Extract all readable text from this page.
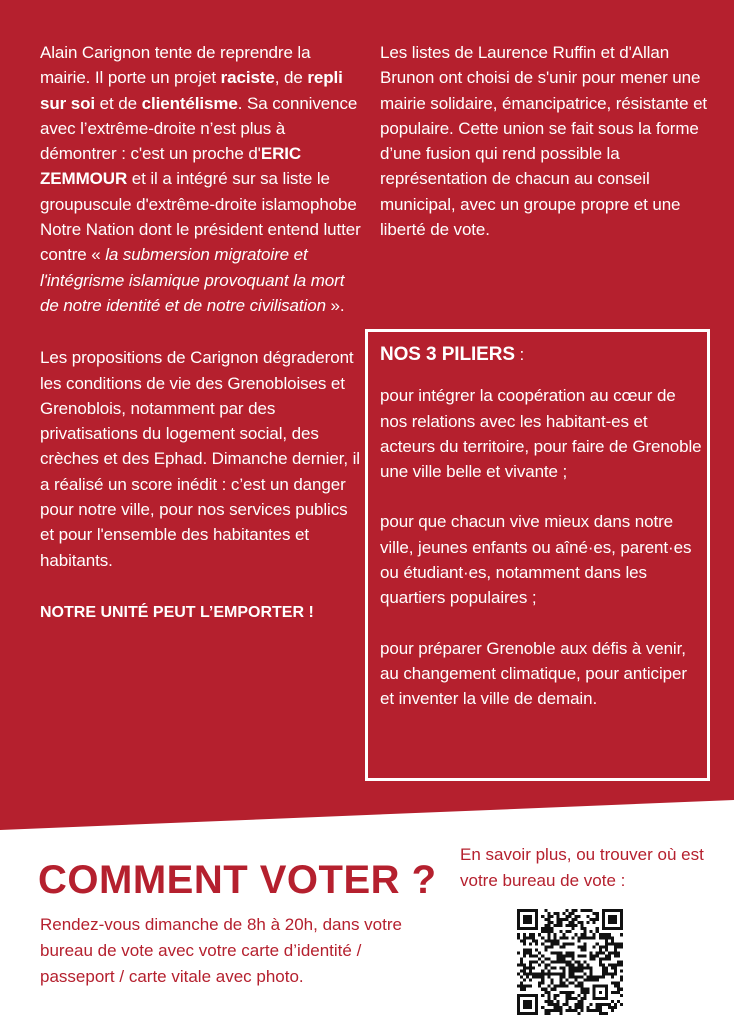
Alain Carignon tente de reprendre la mairie. Il porte un projet raciste, de repli sur soi et de clientélisme. Sa connivence avec l’extrême-droite n’est plus à démontrer : c'est un proche d'ERIC ZEMMOUR et il a intégré sur sa liste le groupuscule d'extrême-droite islamophobe Notre Nation dont le président entend lutter contre « la submersion migratoire et l'intégrisme islamique provoquant la mort de notre identité et de notre civilisation ».

Les propositions de Carignon dégraderont les conditions de vie des Grenobloises et Grenoblois, notamment par des privatisations du logement social, des crèches et des Ephad. Dimanche dernier, il a réalisé un score inédit : c’est un danger pour notre ville, pour nos services publics et pour l'ensemble des habitantes et habitants.

NOTRE UNITÉ PEUT L’EMPORTER !

Les listes de Laurence Ruffin et d'Allan Brunon ont choisi de s'unir pour mener une mairie solidaire, émancipatrice, résistante et populaire. Cette union se fait sous la forme d’une fusion qui rend possible la représentation de chacun au conseil municipal, avec un groupe propre et une liberté de vote.

NOS 3 PILIERS :

pour intégrer la coopération au cœur de nos relations avec les habitant-es et acteurs du territoire, pour faire de Grenoble une ville belle et vivante ;

pour que chacun vive mieux dans notre ville, jeunes enfants ou aîné·es, parent·es ou étudiant·es, notamment dans les quartiers populaires ;

pour préparer Grenoble aux défis à venir, au changement climatique, pour anticiper et inventer la ville de demain.

COMMENT VOTER ?

Rendez-vous dimanche de 8h à 20h, dans votre bureau de vote avec votre carte d’identité / passeport / carte vitale avec photo.

En savoir plus, ou trouver où est votre bureau de vote :
